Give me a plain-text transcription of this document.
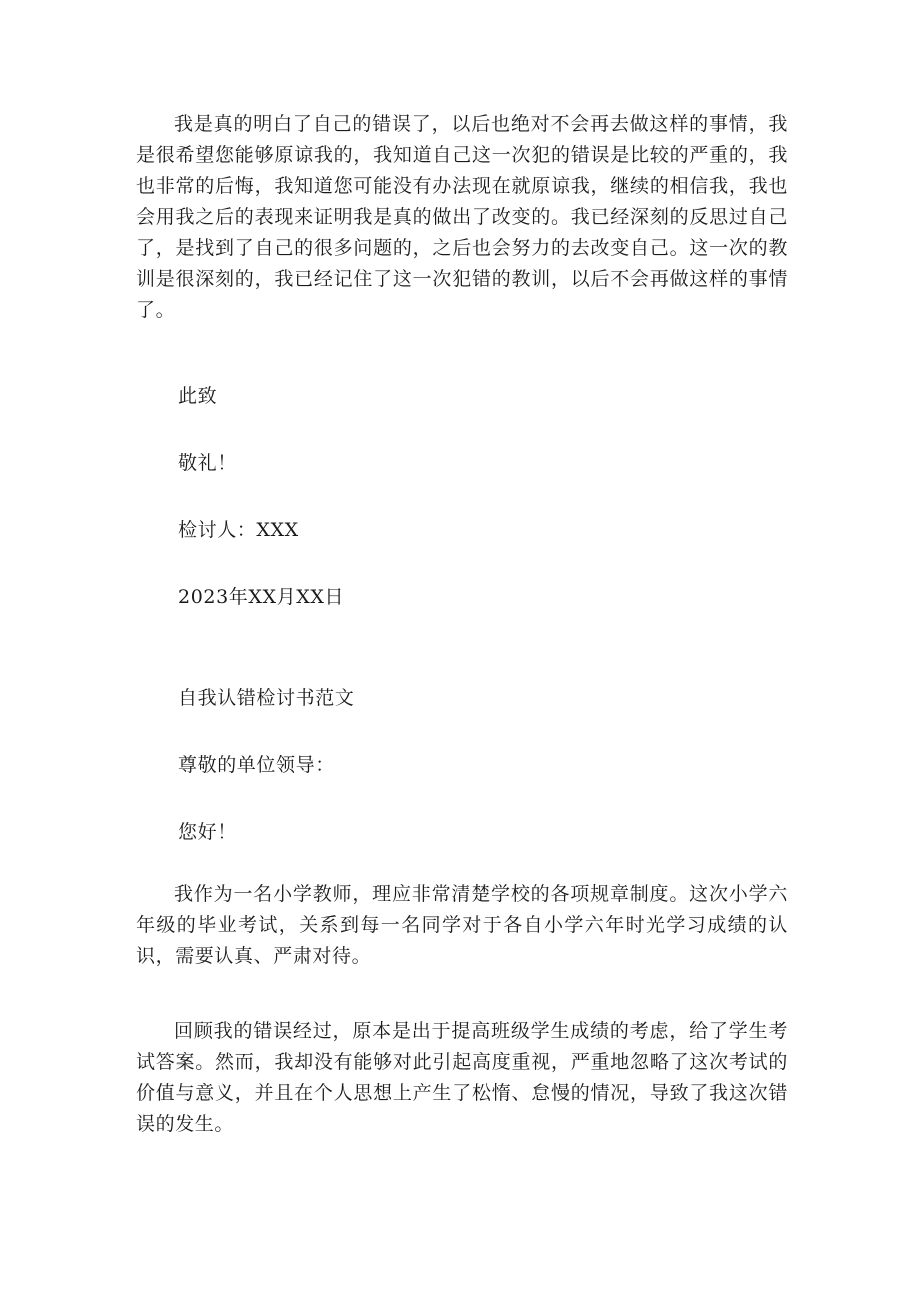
我是真的明白了自己的错误了，以后也绝对不会再去做这样的事情，我是很希望您能够原谅我的，我知道自己这一次犯的错误是比较的严重的，我也非常的后悔，我知道您可能没有办法现在就原谅我，继续的相信我，我也会用我之后的表现来证明我是真的做出了改变的。我已经深刻的反思过自己了，是找到了自己的很多问题的，之后也会努力的去改变自己。这一次的教训是很深刻的，我已经记住了这一次犯错的教训，以后不会再做这样的事情了。

此致

敬礼！

检讨人：XXX

2023年XX月XX日

自我认错检讨书范文

尊敬的单位领导：

您好！

我作为一名小学教师，理应非常清楚学校的各项规章制度。这次小学六年级的毕业考试，关系到每一名同学对于各自小学六年时光学习成绩的认识，需要认真、严肃对待。

回顾我的错误经过，原本是出于提高班级学生成绩的考虑，给了学生考试答案。然而，我却没有能够对此引起高度重视，严重地忽略了这次考试的价值与意义，并且在个人思想上产生了松惰、怠慢的情况，导致了我这次错误的发生。
